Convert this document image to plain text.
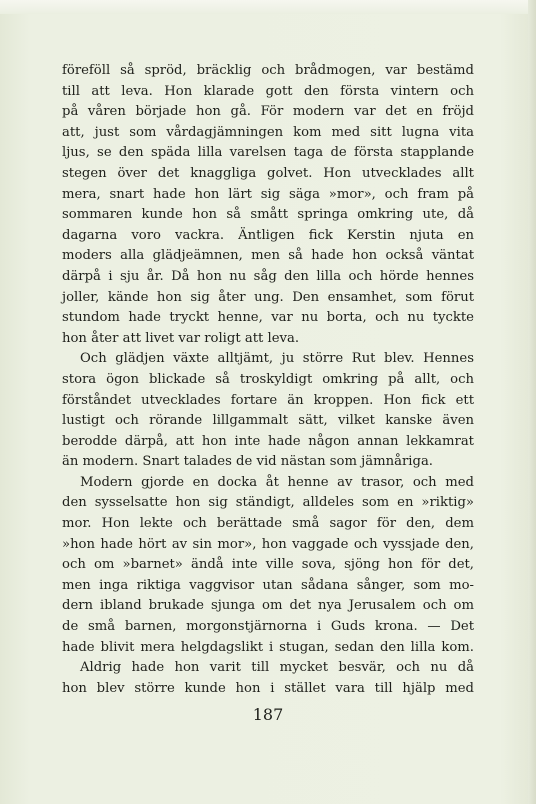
föreföll så spröd, bräcklig och brådmogen, var bestämd
till att leva. Hon klarade gott den första vintern och
på våren började hon gå. För modern var det en fröjd
att, just som vårdagjämningen kom med sitt lugna vita
ljus, se den späda lilla varelsen taga de första stapplande
stegen över det knaggliga golvet. Hon utvecklades allt
mera, snart hade hon lärt sig säga »mor», och fram på
sommaren kunde hon så smått springa omkring ute, då
dagarna voro vackra. Äntligen fick Kerstin njuta en
moders alla glädjeämnen, men så hade hon också väntat
därpå i sju år. Då hon nu såg den lilla och hörde hennes
joller, kände hon sig åter ung. Den ensamhet, som förut
stundom hade tryckt henne, var nu borta, och nu tyckte
hon åter att livet var roligt att leva.
Och glädjen växte alltjämt, ju större Rut blev. Hennes
stora ögon blickade så troskyldigt omkring på allt, och
förståndet utvecklades fortare än kroppen. Hon fick ett
lustigt och rörande lillgammalt sätt, vilket kanske även
berodde därpå, att hon inte hade någon annan lekkamrat
än modern. Snart talades de vid nästan som jämnåriga.
Modern gjorde en docka åt henne av trasor, och med
den sysselsatte hon sig ständigt, alldeles som en »riktig»
mor. Hon lekte och berättade små sagor för den, dem
»hon hade hört av sin mor», hon vaggade och vyssjade den,
och om »barnet» ändå inte ville sova, sjöng hon för det,
men inga riktiga vaggvisor utan sådana sånger, som mo-
dern ibland brukade sjunga om det nya Jerusalem och om
de små barnen, morgonstjärnorna i Guds krona. — Det
hade blivit mera helgdagslikt i stugan, sedan den lilla kom.
Aldrig hade hon varit till mycket besvär, och nu då
hon blev större kunde hon i stället vara till hjälp med
187
